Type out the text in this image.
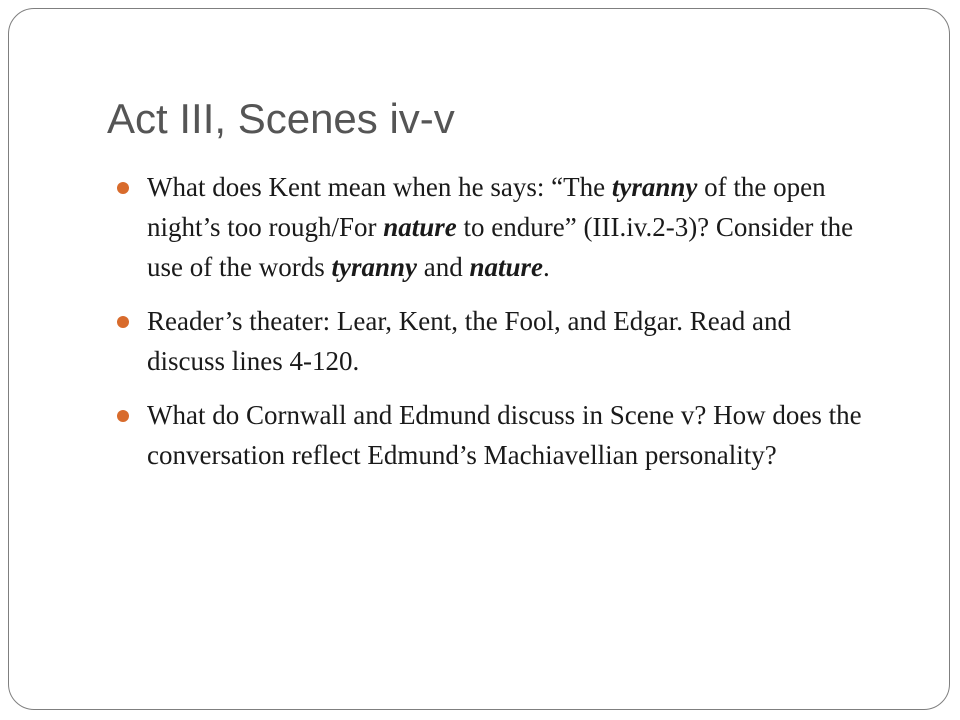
Act III, Scenes iv-v
What does Kent mean when he says: “The tyranny of the open night’s too rough/For nature to endure” (III.iv.2-3)? Consider the use of the words tyranny and nature.
Reader’s theater: Lear, Kent, the Fool, and Edgar. Read and discuss lines 4-120.
What do Cornwall and Edmund discuss in Scene v? How does the conversation reflect Edmund’s Machiavellian personality?
